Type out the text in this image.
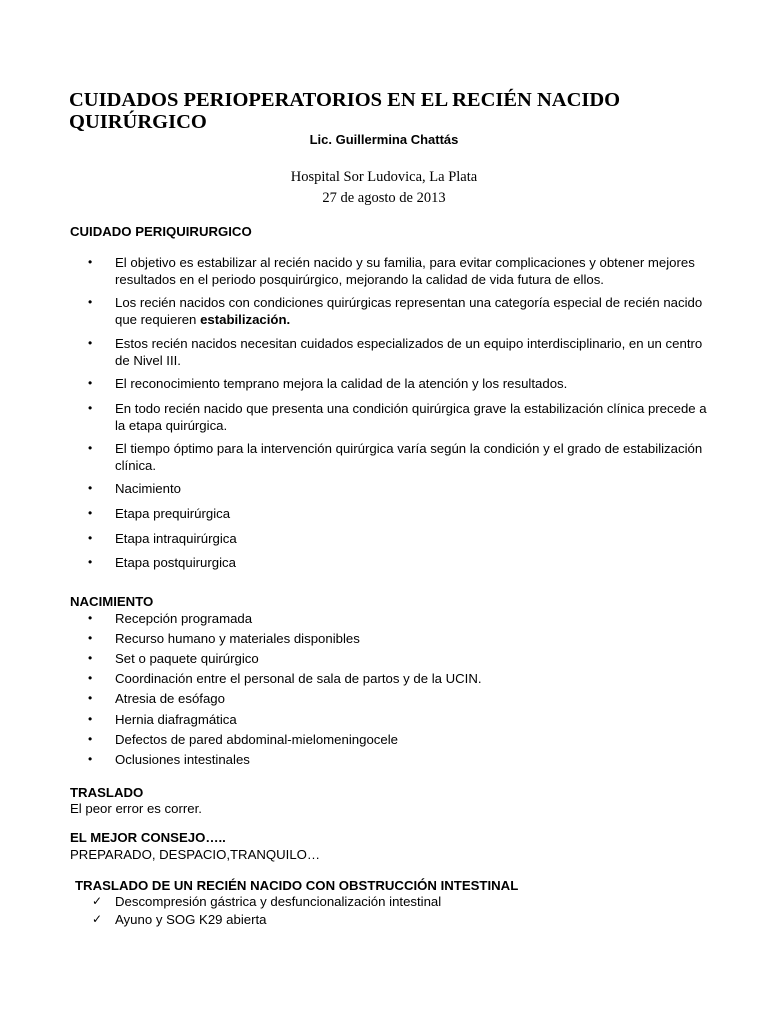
CUIDADOS PERIOPERATORIOS EN EL RECIÉN NACIDO QUIRÚRGICO
Lic. Guillermina Chattás
Hospital Sor Ludovica, La Plata
27 de agosto de 2013
CUIDADO PERIQUIRURGICO
•	El objetivo es estabilizar al recién nacido y su familia, para evitar complicaciones y obtener mejores resultados en el periodo posquirúrgico, mejorando la calidad de vida futura de ellos.
•	Los recién nacidos con condiciones quirúrgicas representan una categoría especial de recién nacido que requieren estabilización.
•	Estos recién nacidos necesitan cuidados especializados de un equipo interdisciplinario, en un centro de Nivel III.
•	El reconocimiento temprano mejora la calidad de la atención y los resultados.
•	En todo recién nacido que presenta una condición quirúrgica grave la estabilización clínica precede a la etapa quirúrgica.
•	El tiempo óptimo para la intervención quirúrgica varía según la condición y el grado de estabilización clínica.
•	Nacimiento
•	Etapa prequirúrgica
•	Etapa intraquirúrgica
•	Etapa postquirurgica
NACIMIENTO
•	Recepción programada
•	Recurso humano y materiales disponibles
•	Set o paquete quirúrgico
•	Coordinación entre el personal de sala de partos y de la UCIN.
•	Atresia de esófago
•	Hernia diafragmática
•	Defectos de pared abdominal-mielomeningocele
•	Oclusiones intestinales
TRASLADO
El peor error es correr.
EL MEJOR CONSEJO…..
PREPARADO, DESPACIO,TRANQUILO…
TRASLADO DE UN RECIÉN NACIDO CON OBSTRUCCIÓN INTESTINAL
✓ Descompresión gástrica y desfuncionalización intestinal
✓ Ayuno y SOG K29 abierta
